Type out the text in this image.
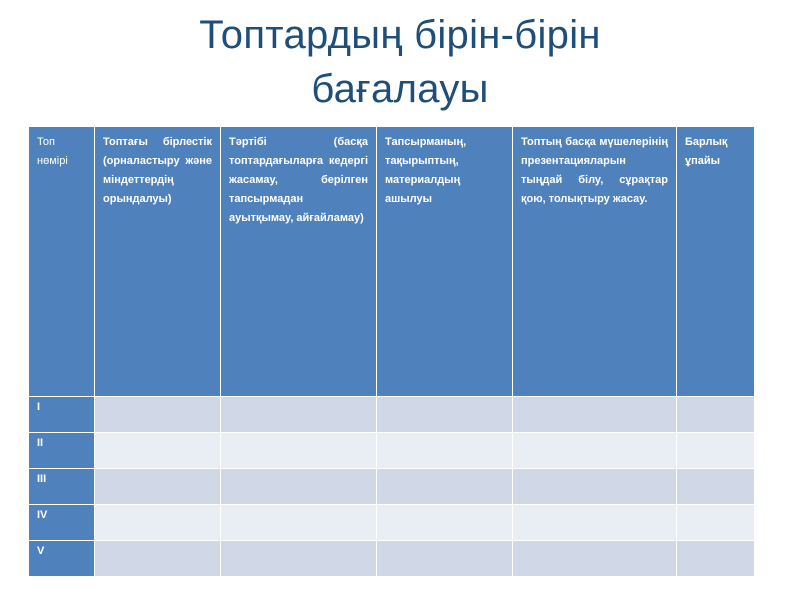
Топтардың бірін-бірін
бағалауы
Топ нөмірі	Топтағы бірлестік (орналастыру және міндеттердің орындалуы)	Тәртібі (басқа топтардағыларға кедергі жасамау, берілген тапсырмадан ауытқымау, айғайламау)	Тапсырманың, тақырыптың, материалдың ашылуы	Топтың басқа мүшелерінің презентацияларын тыңдай білу, сұрақтар қою, толықтыру жасау.	Барлық ұпайы

I					
II					
III					
IV					
V					
